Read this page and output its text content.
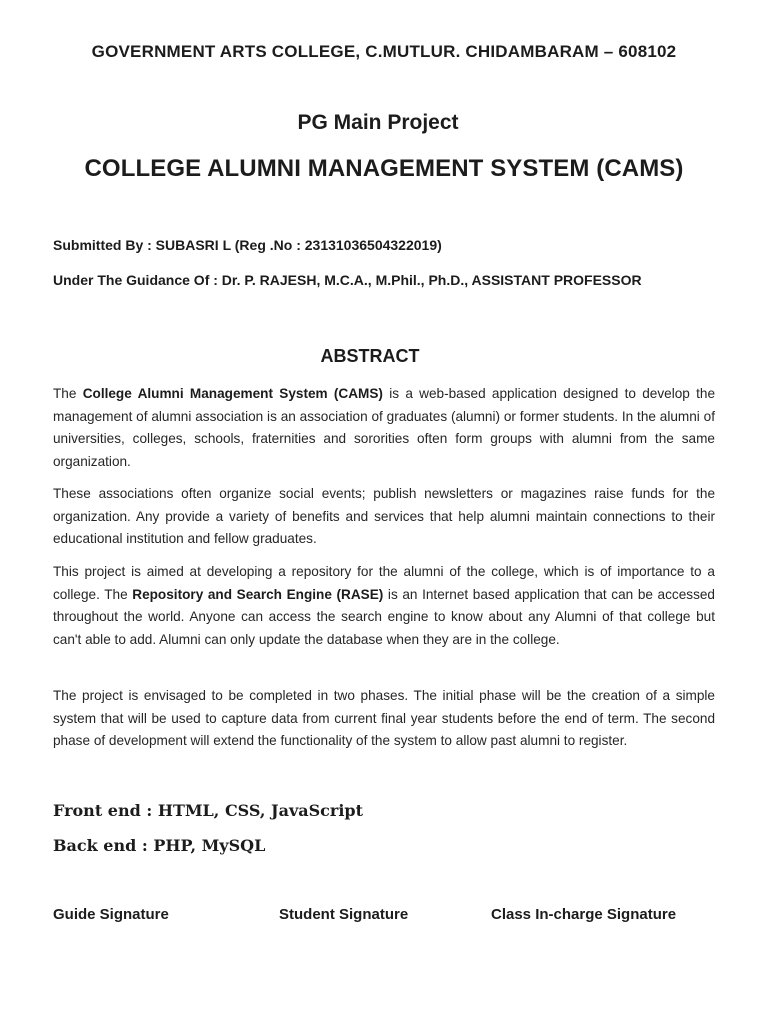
GOVERNMENT ARTS COLLEGE, C.MUTLUR. CHIDAMBARAM – 608102
PG Main Project
COLLEGE ALUMNI MANAGEMENT SYSTEM (CAMS)
Submitted By : SUBASRI L (Reg .No : 23131036504322019)
Under The Guidance Of : Dr. P. RAJESH, M.C.A., M.Phil., Ph.D., ASSISTANT PROFESSOR
ABSTRACT
The College Alumni Management System (CAMS) is a web-based application designed to develop the management of alumni association is an association of graduates (alumni) or former students. In the alumni of universities, colleges, schools, fraternities and sororities often form groups with alumni from the same organization.
These associations often organize social events; publish newsletters or magazines raise funds for the organization. Any provide a variety of benefits and services that help alumni maintain connections to their educational institution and fellow graduates.
This project is aimed at developing a repository for the alumni of the college, which is of importance to a college. The Repository and Search Engine (RASE) is an Internet based application that can be accessed throughout the world. Anyone can access the search engine to know about any Alumni of that college but can't able to add. Alumni can only update the database when they are in the college.
The project is envisaged to be completed in two phases. The initial phase will be the creation of a simple system that will be used to capture data from current final year students before the end of term. The second phase of development will extend the functionality of the system to allow past alumni to register.
Front end : HTML, CSS, JavaScript
Back end : PHP, MySQL
Guide Signature	Student Signature	Class In-charge Signature
